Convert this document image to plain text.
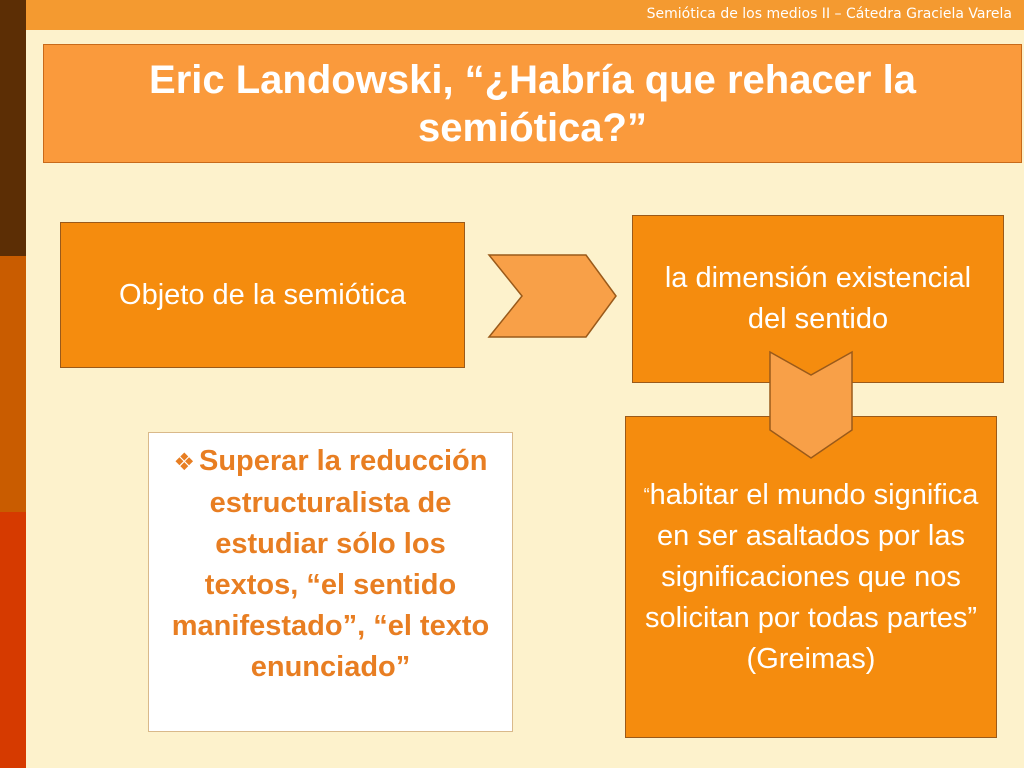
Semiótica de los medios II – Cátedra Graciela Varela
Eric Landowski, “¿Habría que rehacer la semiótica?”
Objeto de la semiótica
la dimensión existencial del sentido
“habitar el mundo significa en ser asaltados por las significaciones que nos solicitan por todas partes” (Greimas)
❖ Superar la reducción estructuralista de estudiar sólo los textos, “el sentido manifestado”, “el texto enunciado”
